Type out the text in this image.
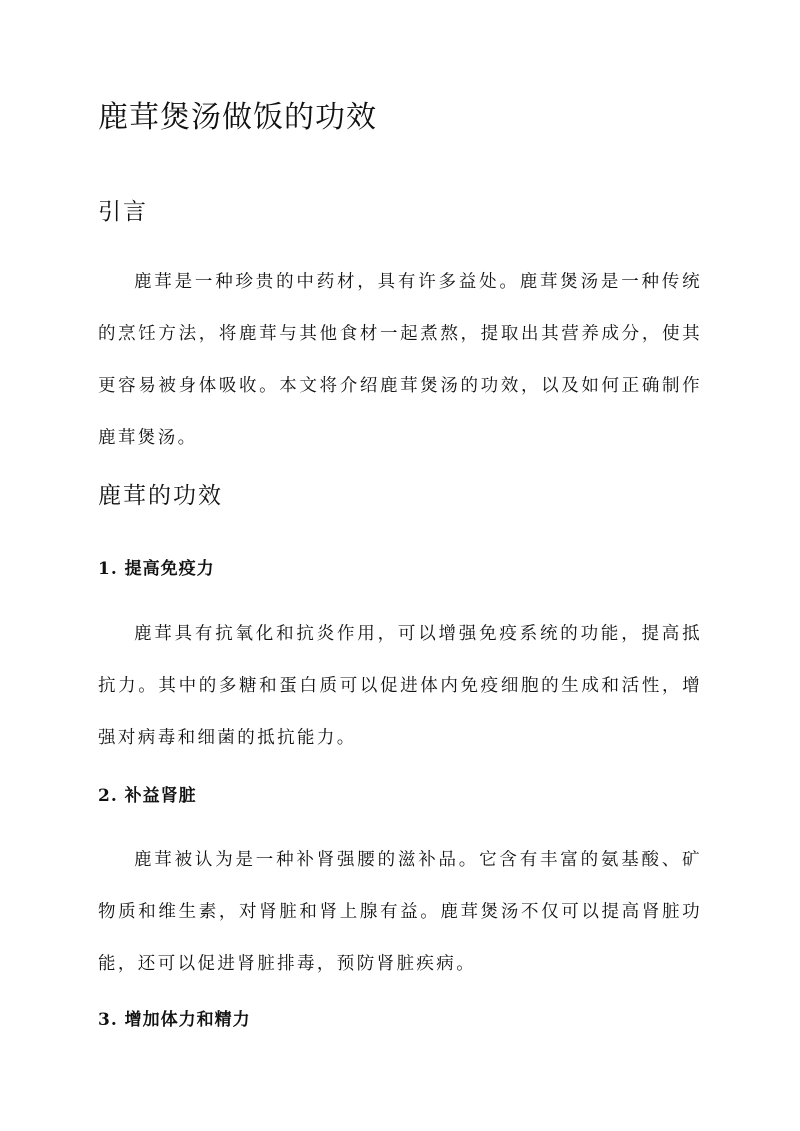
鹿茸煲汤做饭的功效
引言

鹿茸是一种珍贵的中药材，具有许多益处。鹿茸煲汤是一种传统的烹饪方法，将鹿茸与其他食材一起煮熬，提取出其营养成分，使其更容易被身体吸收。本文将介绍鹿茸煲汤的功效，以及如何正确制作鹿茸煲汤。

鹿茸的功效
1. 提高免疫力

鹿茸具有抗氧化和抗炎作用，可以增强免疫系统的功能，提高抵抗力。其中的多糖和蛋白质可以促进体内免疫细胞的生成和活性，增强对病毒和细菌的抵抗能力。

2. 补益肾脏

鹿茸被认为是一种补肾强腰的滋补品。它含有丰富的氨基酸、矿物质和维生素，对肾脏和肾上腺有益。鹿茸煲汤不仅可以提高肾脏功能，还可以促进肾脏排毒，预防肾脏疾病。

3. 增加体力和精力
